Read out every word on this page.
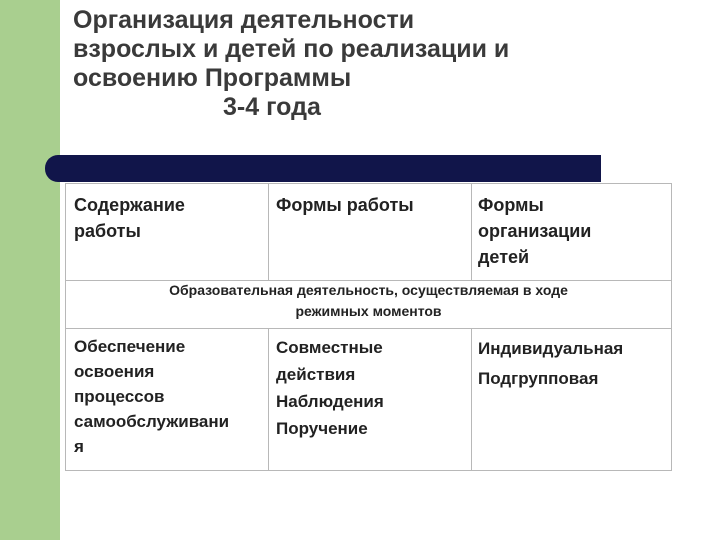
Организация деятельности
взрослых и детей по реализации и
освоению Программы
3-4 года
Содержание
работы
Формы работы	Формы
организации
детей
Образовательная деятельность, осуществляемая в ходе
режимных моментов
Обеспечение
освоения
процессов
самообслуживани
я
Совместные
действия
Наблюдения
Поручение
Индивидуальная
Подгрупповая
